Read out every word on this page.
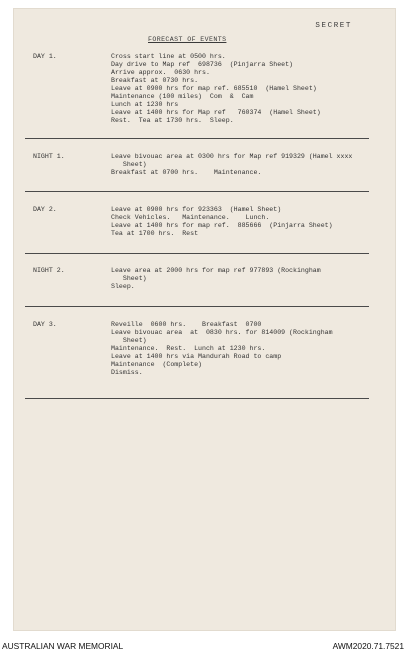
SECRET
FORECAST OF EVENTS
DAY 1.	Cross start line at 0500 hrs.
Day drive to Map ref  698736  (Pinjarra Sheet)
Arrive approx.  0630 hrs.
Breakfast at 0730 hrs.
Leave at 0900 hrs for map ref. 685510  (Hamel Sheet)
Maintenance (100 miles)  Com  &  Cam
Lunch at 1230 hrs
Leave at 1400 hrs for Map ref   760374  (Hamel Sheet)
Rest.  Tea at 1730 hrs.  Sleep.
NIGHT 1.	Leave bivouac area at 0300 hrs for Map ref 919329 (Hamel xxxx
Sheet)
Breakfast at 0700 hrs.    Maintenance.
DAY 2.	Leave at 0900 hrs for 923363  (Hamel Sheet)
Check Vehicles.   Maintenance.    Lunch.
Leave at 1400 hrs for map ref.  885666  (Pinjarra Sheet)
Tea at 1700 hrs.  Rest
NIGHT 2.	Leave area at 2000 hrs for map ref 977893 (Rockingham
Sheet)
Sleep.
DAY 3.	Reveille  0600 hrs.    Breakfast  0700
Leave bivouac area  at  0830 hrs. for 814009 (Rockingham
Sheet)
Maintenance.  Rest.  Lunch at 1230 hrs.
Leave at 1400 hrs via Mandurah Road to camp
Maintenance  (Complete)
Dismiss.
AUSTRALIAN WAR MEMORIAL	AWM2020.71.7521
